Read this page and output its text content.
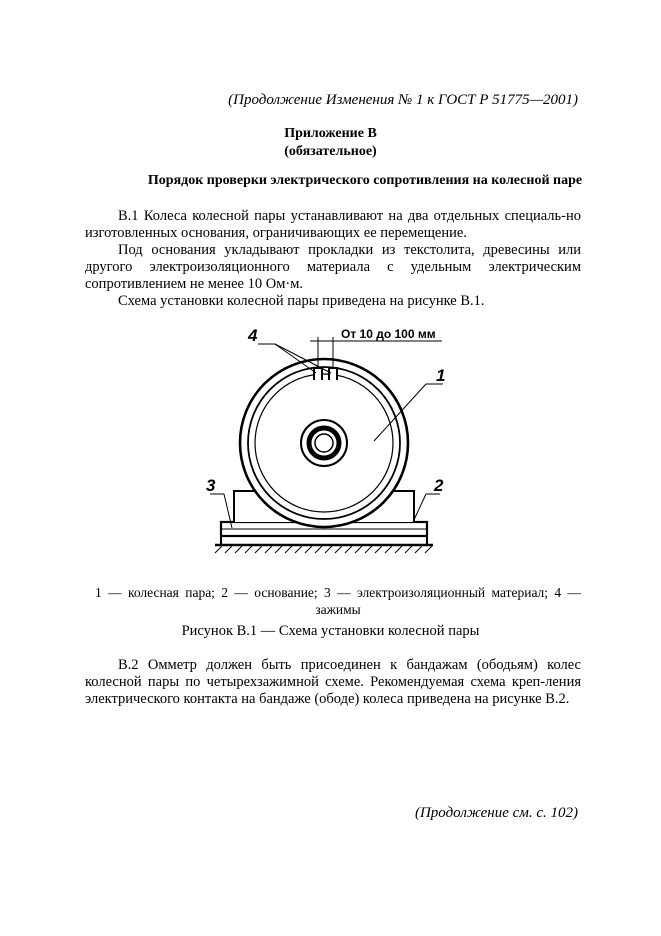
(Продолжение Изменения № 1 к ГОСТ Р 51775—2001)
Приложение В
(обязательное)
Порядок проверки электрического сопротивления на колесной паре
В.1 Колеса колесной пары устанавливают на два отдельных специаль-но изготовленных основания, ограничивающих ее перемещение.
Под основания укладывают прокладки из текстолита, древесины или другого электроизоляционного материала с удельным электрическим сопротивлением не менее 10 Ом·м.
Схема установки колесной пары приведена на рисунке В.1.
От 10 до 100 мм
1
2
3
4
1 — колесная пара; 2 — основание; 3 — электроизоляционный материал; 4 — зажимы
Рисунок В.1 — Схема установки колесной пары
В.2 Омметр должен быть присоединен к бандажам (ободьям) колес колесной пары по четырехзажимной схеме. Рекомендуемая схема креп-ления электрического контакта на бандаже (ободе) колеса приведена на рисунке В.2.
(Продолжение см. с. 102)
